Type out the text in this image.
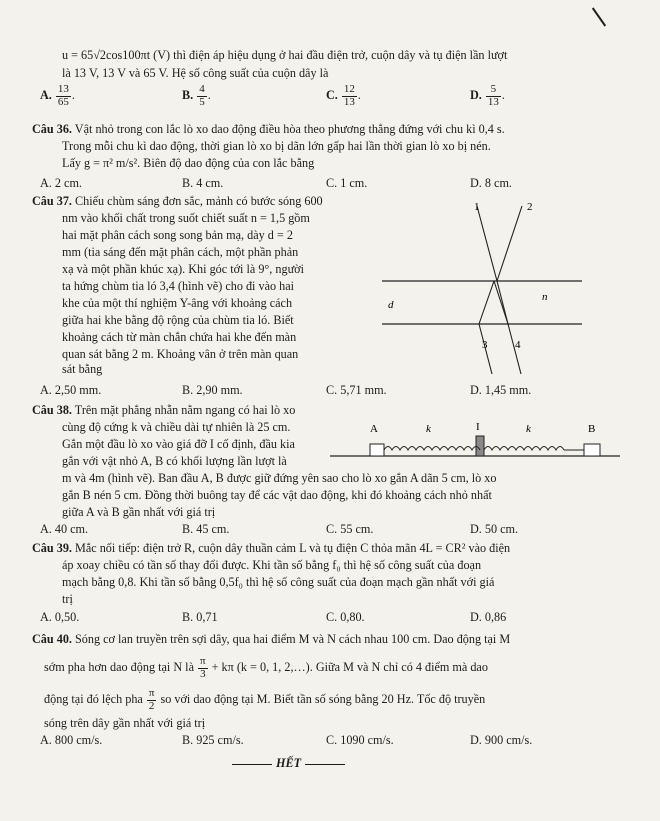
u = 65√2cos100πt (V) thì điện áp hiệu dụng ở hai đầu điện trở, cuộn dây và tụ điện lần lượt
là 13 V, 13 V và 65 V. Hệ số công suất của cuộn dây là
A. $\frac{13}{65}$ .	B. $\frac{4}{5}$ .	C. $\frac{12}{13}$ .	D. $\frac{5}{13}$ .
Câu 36. Vật nhỏ trong con lắc lò xo dao động điều hòa theo phương thẳng đứng với chu kì 0,4 s.
Trong mỗi chu kì dao động, thời gian lò xo bị dãn lớn gấp hai lần thời gian lò xo bị nén.
Lấy g = π² m/s². Biên độ dao động của con lắc bằng
A. 2 cm.	B. 4 cm.	C. 1 cm.	D. 8 cm.
Câu 37. Chiếu chùm sáng đơn sắc, mảnh có bước sóng 600
nm vào khối chất trong suốt chiết suất n = 1,5 gồm
hai mặt phân cách song song bản mạ, dày d = 2
mm (tia sáng đến mặt phân cách, một phần phản
xạ và một phần khúc xạ). Khi góc tới là 9°, người
ta hứng chùm tia ló 3,4 (hình vẽ) cho đi vào hai
khe của một thí nghiệm Y-âng với khoảng cách
giữa hai khe bằng độ rộng của chùm tia ló. Biết
khoảng cách từ màn chắn chứa hai khe đến màn
quan sát bằng 2 m. Khoảng vân ở trên màn quan
sát bằng
1	2
d
n
3	4
A. 2,50 mm.	B. 2,90 mm.	C. 5,71 mm.	D. 1,45 mm.
Câu 38. Trên mặt phẳng nhẵn nằm ngang có hai lò xo
cùng độ cứng k và chiều dài tự nhiên là 25 cm.
Gắn một đầu lò xo vào giá đỡ I cố định, đầu kia
gắn với vật nhỏ A, B có khối lượng lần lượt là
m và 4m (hình vẽ). Ban đầu A, B được giữ đứng yên sao cho lò xo gắn A dãn 5 cm, lò xo
gắn B nén 5 cm. Đồng thời buông tay để các vật dao động, khi đó khoảng cách nhỏ nhất
giữa A và B gần nhất với giá trị
A	k	I	k	B
A. 40 cm.	B. 45 cm.	C. 55 cm.	D. 50 cm.
Câu 39. Mắc nối tiếp: điện trở R, cuộn dây thuần cảm L và tụ điện C thỏa mãn 4L = CR² vào điện
áp xoay chiều có tần số thay đổi được. Khi tần số bằng f₀ thì hệ số công suất của đoạn
mạch bằng 0,8. Khi tần số bằng 0,5f₀ thì hệ số công suất của đoạn mạch gần nhất với giá
trị
A. 0,50.	B. 0,71	C. 0,80.	D. 0,86
Câu 40. Sóng cơ lan truyền trên sợi dây, qua hai điểm M và N cách nhau 100 cm. Dao động tại M
sớm pha hơn dao động tại N là $\frac{\pi}{3} + k\pi$ (k = 0, 1, 2,…). Giữa M và N chỉ có 4 điểm mà dao
động tại đó lệch pha $\frac{\pi}{2}$ so với dao động tại M. Biết tần số sóng bằng 20 Hz. Tốc độ truyền
sóng trên dây gần nhất với giá trị
A. 800 cm/s.	B. 925 cm/s.	C. 1090 cm/s.	D. 900 cm/s.
HẾT
